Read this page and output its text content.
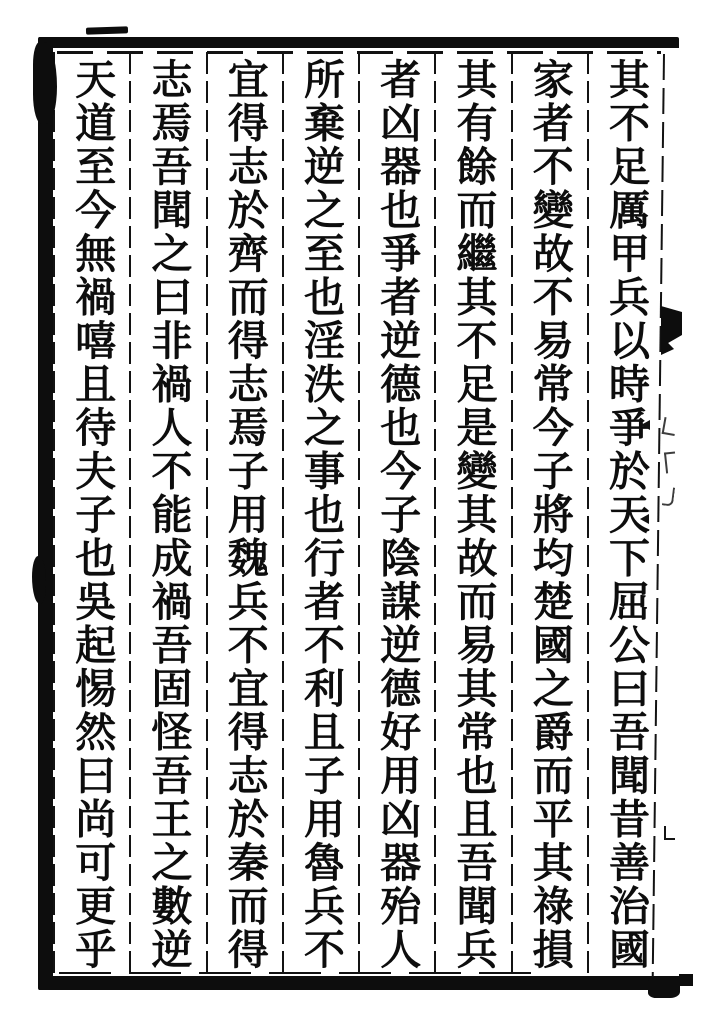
其不足厲甲兵以時爭於天下屈公曰吾聞昔善治國
家者不變故不易常今子將均楚國之爵而平其祿損
其有餘而繼其不足是變其故而易其常也且吾聞兵
者凶器也爭者逆德也今子陰謀逆德好用凶器殆人
所棄逆之至也淫泆之事也行者不利且子用魯兵不
宜得志於齊而得志焉子用魏兵不宜得志於秦而得
志焉吾聞之曰非禍人不能成禍吾固怪吾王之數逆
天道至今無禍嘻且待夫子也吳起惕然曰尚可更乎
